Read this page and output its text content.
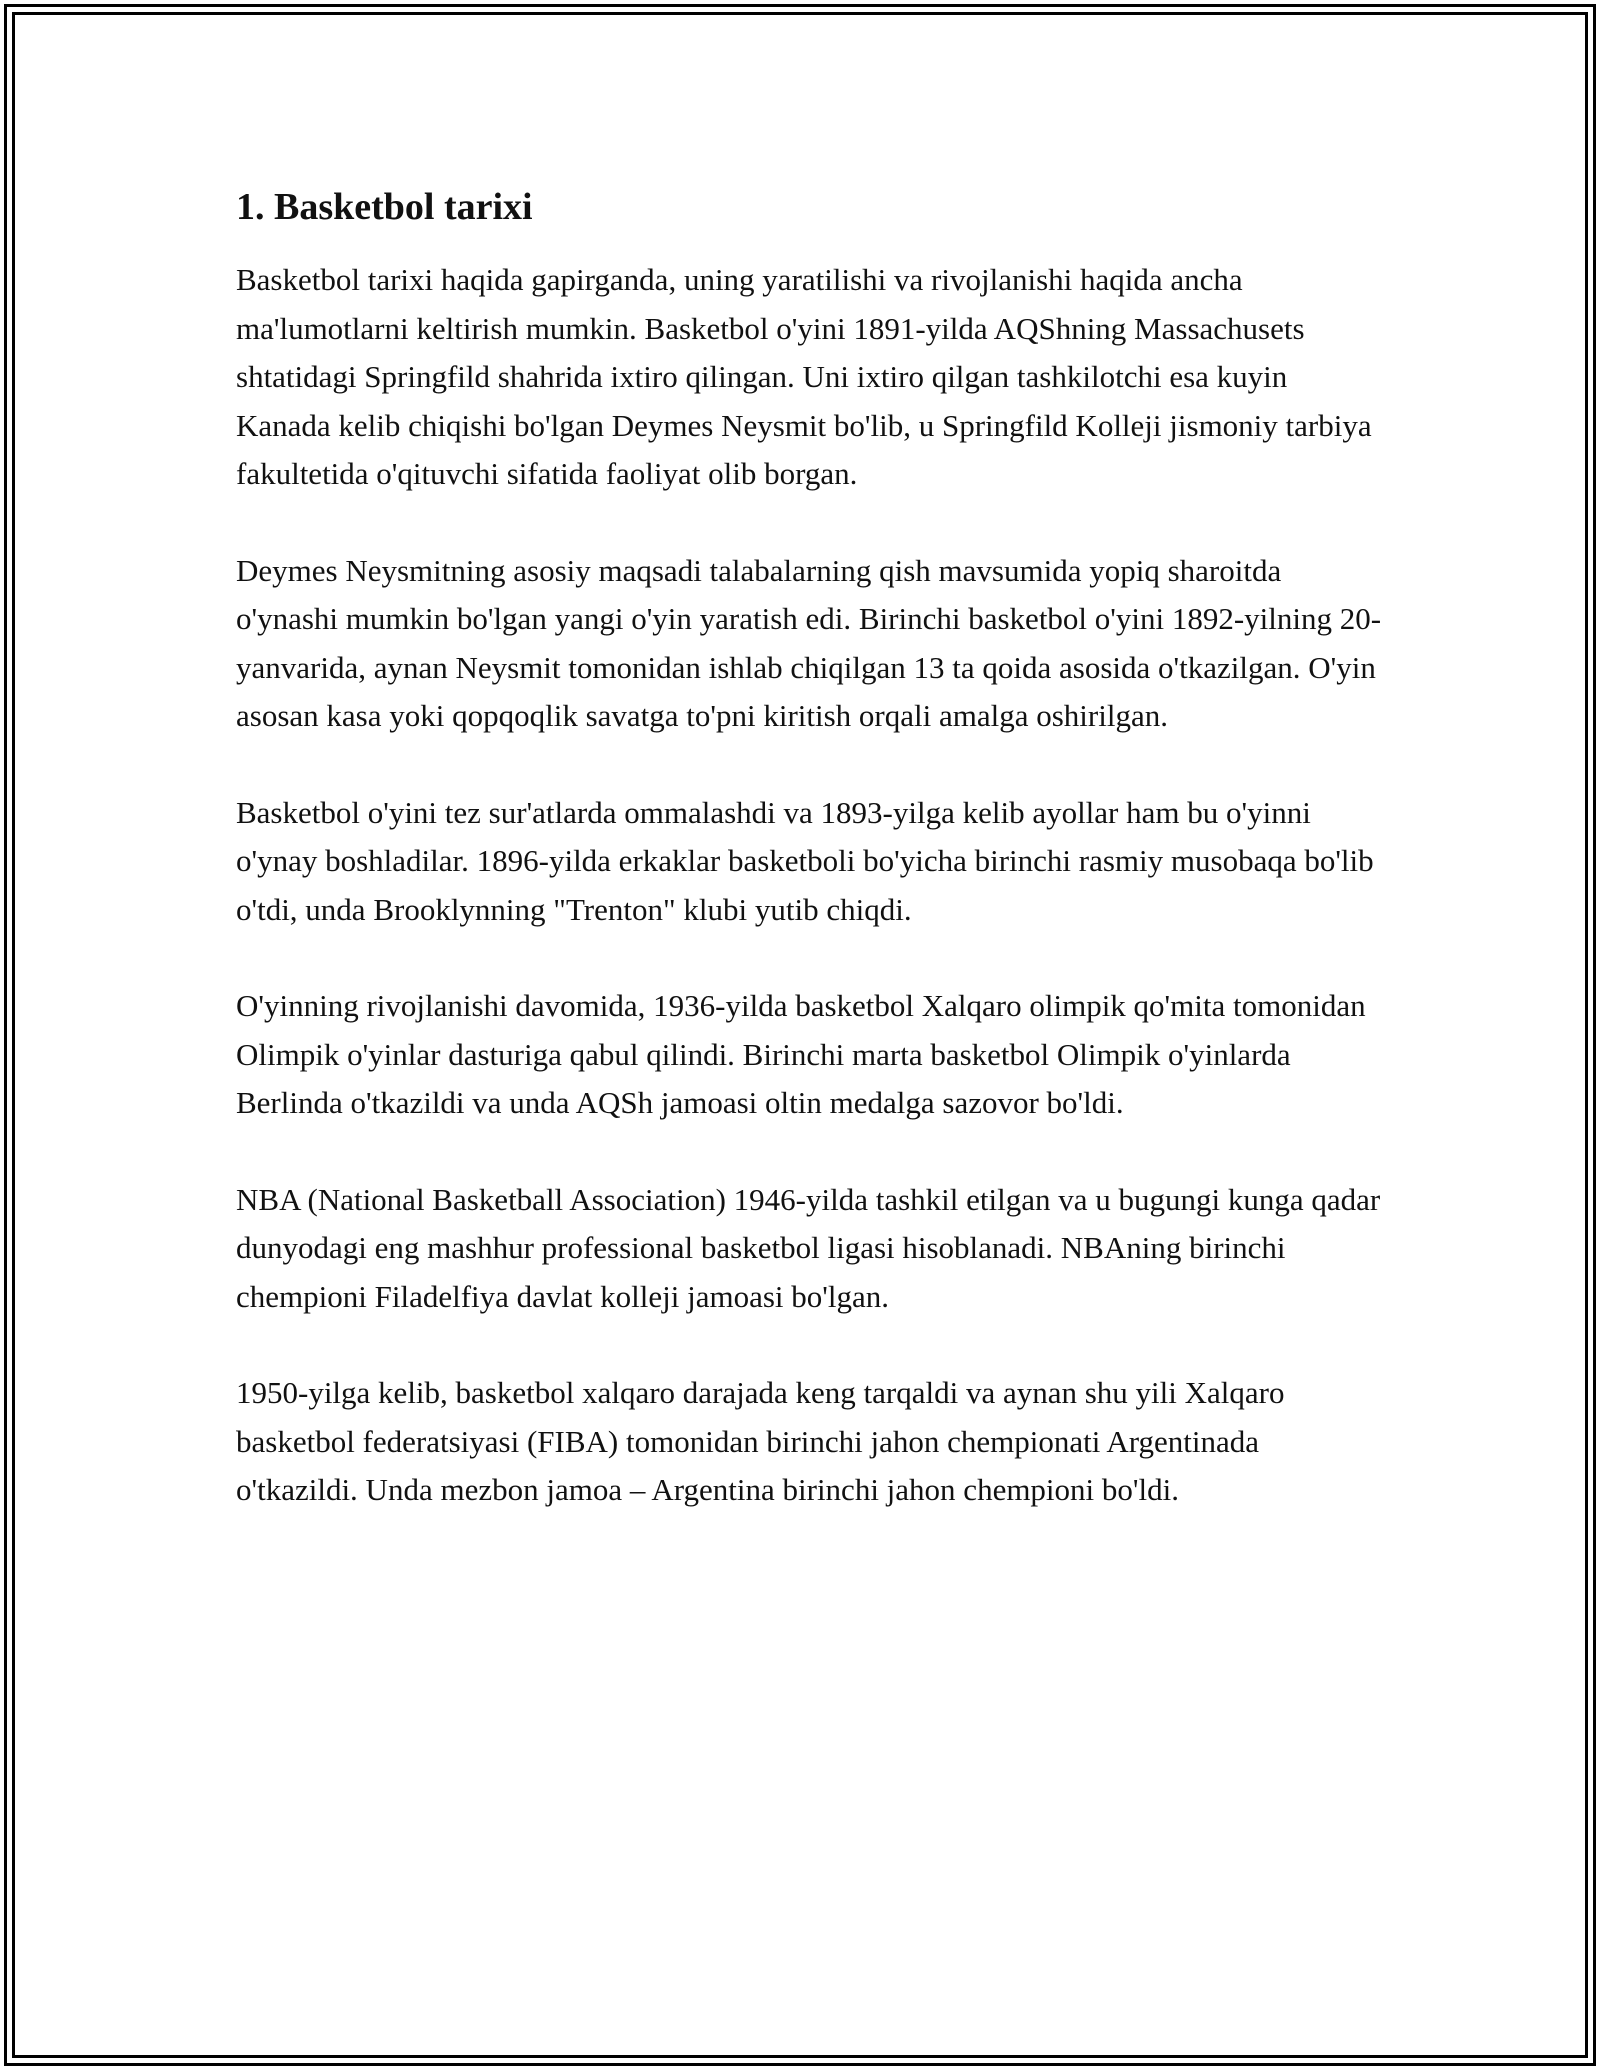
1. Basketbol tarixi

Basketbol tarixi haqida gapirganda, uning yaratilishi va rivojlanishi haqida ancha ma'lumotlarni keltirish mumkin. Basketbol o'yini 1891-yilda AQShning Massachusets shtatidagi Springfild shahrida ixtiro qilingan. Uni ixtiro qilgan tashkilotchi esa kuyin Kanada kelib chiqishi bo'lgan Deymes Neysmit bo'lib, u Springfild Kolleji jismoniy tarbiya fakultetida o'qituvchi sifatida faoliyat olib borgan.

Deymes Neysmitning asosiy maqsadi talabalarning qish mavsumida yopiq sharoitda o'ynashi mumkin bo'lgan yangi o'yin yaratish edi. Birinchi basketbol o'yini 1892-yilning 20-yanvarida, aynan Neysmit tomonidan ishlab chiqilgan 13 ta qoida asosida o'tkazilgan. O'yin asosan kasa yoki qopqoqlik savatga to'pni kiritish orqali amalga oshirilgan.

Basketbol o'yini tez sur'atlarda ommalashdi va 1893-yilga kelib ayollar ham bu o'yinni o'ynay boshladilar. 1896-yilda erkaklar basketboli bo'yicha birinchi rasmiy musobaqa bo'lib o'tdi, unda Brooklynning "Trenton" klubi yutib chiqdi.

O'yinning rivojlanishi davomida, 1936-yilda basketbol Xalqaro olimpik qo'mita tomonidan Olimpik o'yinlar dasturiga qabul qilindi. Birinchi marta basketbol Olimpik o'yinlarda Berlinda o'tkazildi va unda AQSh jamoasi oltin medalga sazovor bo'ldi.

NBA (National Basketball Association) 1946-yilda tashkil etilgan va u bugungi kunga qadar dunyodagi eng mashhur professional basketbol ligasi hisoblanadi. NBAning birinchi chempioni Filadelfiya davlat kolleji jamoasi bo'lgan.

1950-yilga kelib, basketbol xalqaro darajada keng tarqaldi va aynan shu yili Xalqaro basketbol federatsiyasi (FIBA) tomonidan birinchi jahon chempionati Argentinada o'tkazildi. Unda mezbon jamoa – Argentina birinchi jahon chempioni bo'ldi.
